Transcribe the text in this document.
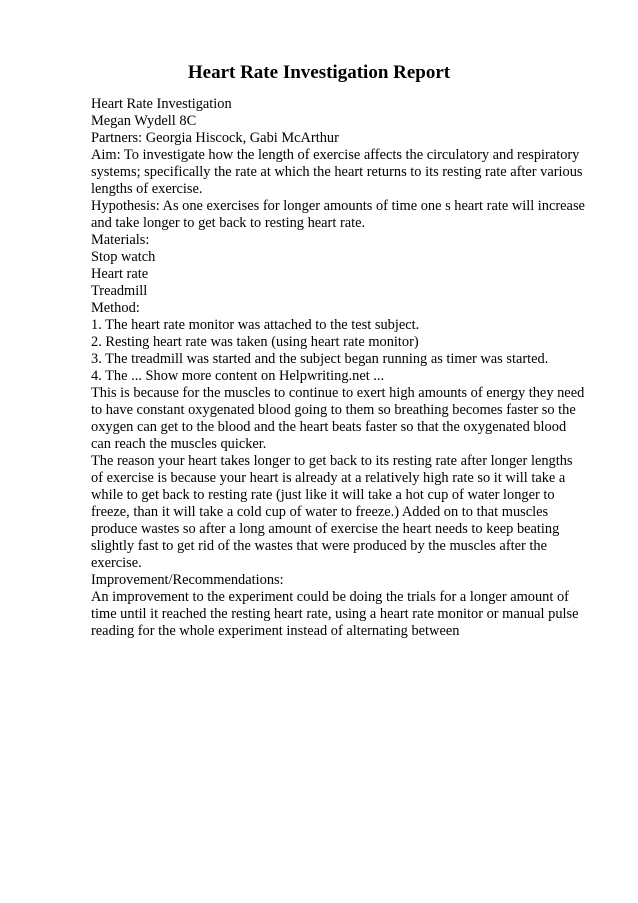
Heart Rate Investigation Report

Heart Rate Investigation

Megan Wydell 8C

Partners: Georgia Hiscock, Gabi McArthur

Aim: To investigate how the length of exercise affects the circulatory and respiratory

systems; specifically the rate at which the heart returns to its resting rate after various

lengths of exercise.

Hypothesis: As one exercises for longer amounts of time one s heart rate will increase

and take longer to get back to resting heart rate.

Materials:

Stop watch

Heart rate

Treadmill

Method:

1. The heart rate monitor was attached to the test subject.

2. Resting heart rate was taken (using heart rate monitor)

3. The treadmill was started and the subject began running as timer was started.

4. The ... Show more content on Helpwriting.net ...

This is because for the muscles to continue to exert high amounts of energy they need

to have constant oxygenated blood going to them so breathing becomes faster so the

oxygen can get to the blood and the heart beats faster so that the oxygenated blood

can reach the muscles quicker.

The reason your heart takes longer to get back to its resting rate after longer lengths

of exercise is because your heart is already at a relatively high rate so it will take a

while to get back to resting rate (just like it will take a hot cup of water longer to

freeze, than it will take a cold cup of water to freeze.) Added on to that muscles

produce wastes so after a long amount of exercise the heart needs to keep beating

slightly fast to get rid of the wastes that were produced by the muscles after the

exercise.

Improvement/Recommendations:

An improvement to the experiment could be doing the trials for a longer amount of

time until it reached the resting heart rate, using a heart rate monitor or manual pulse

reading for the whole experiment instead of alternating between
